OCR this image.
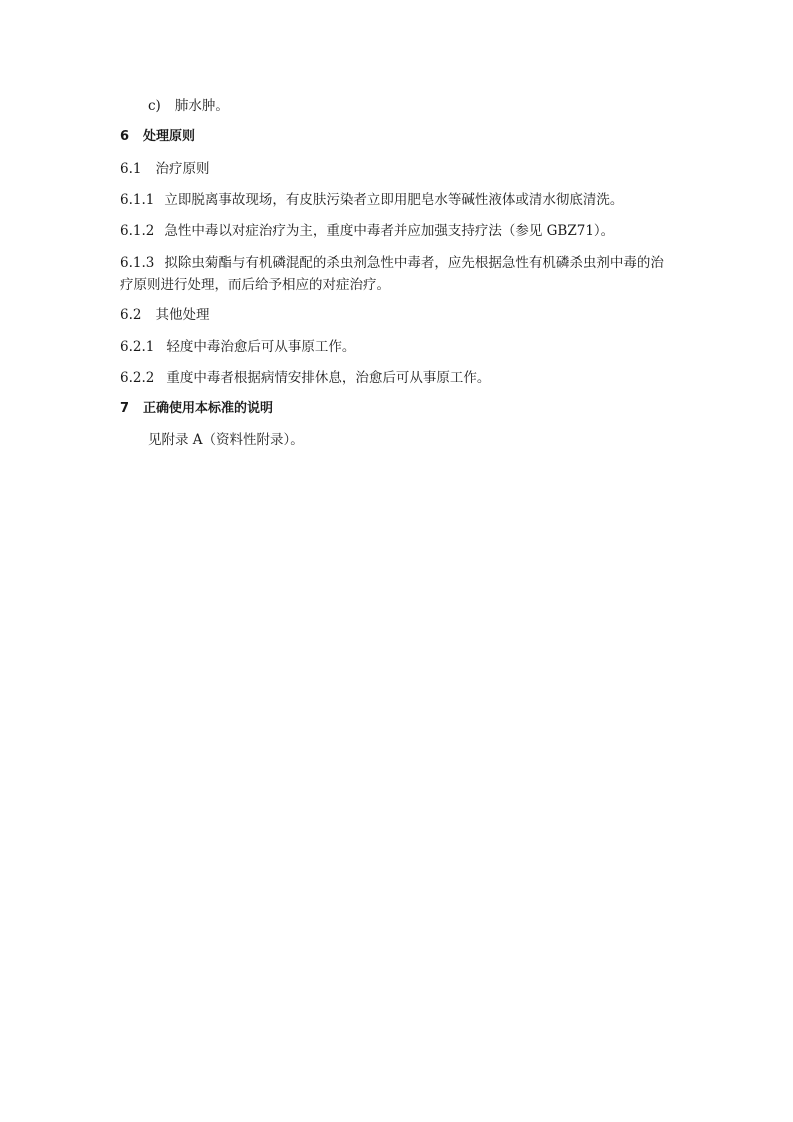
c) 肺水肿。
6 处理原则
6.1 治疗原则
6.1.1 立即脱离事故现场，有皮肤污染者立即用肥皂水等碱性液体或清水彻底清洗。
6.1.2 急性中毒以对症治疗为主，重度中毒者并应加强支持疗法（参见 GBZ71）。
6.1.3 拟除虫菊酯与有机磷混配的杀虫剂急性中毒者，应先根据急性有机磷杀虫剂中毒的治
疗原则进行处理，而后给予相应的对症治疗。
6.2 其他处理
6.2.1 轻度中毒治愈后可从事原工作。
6.2.2 重度中毒者根据病情安排休息，治愈后可从事原工作。
7 正确使用本标准的说明
见附录 A（资料性附录）。
